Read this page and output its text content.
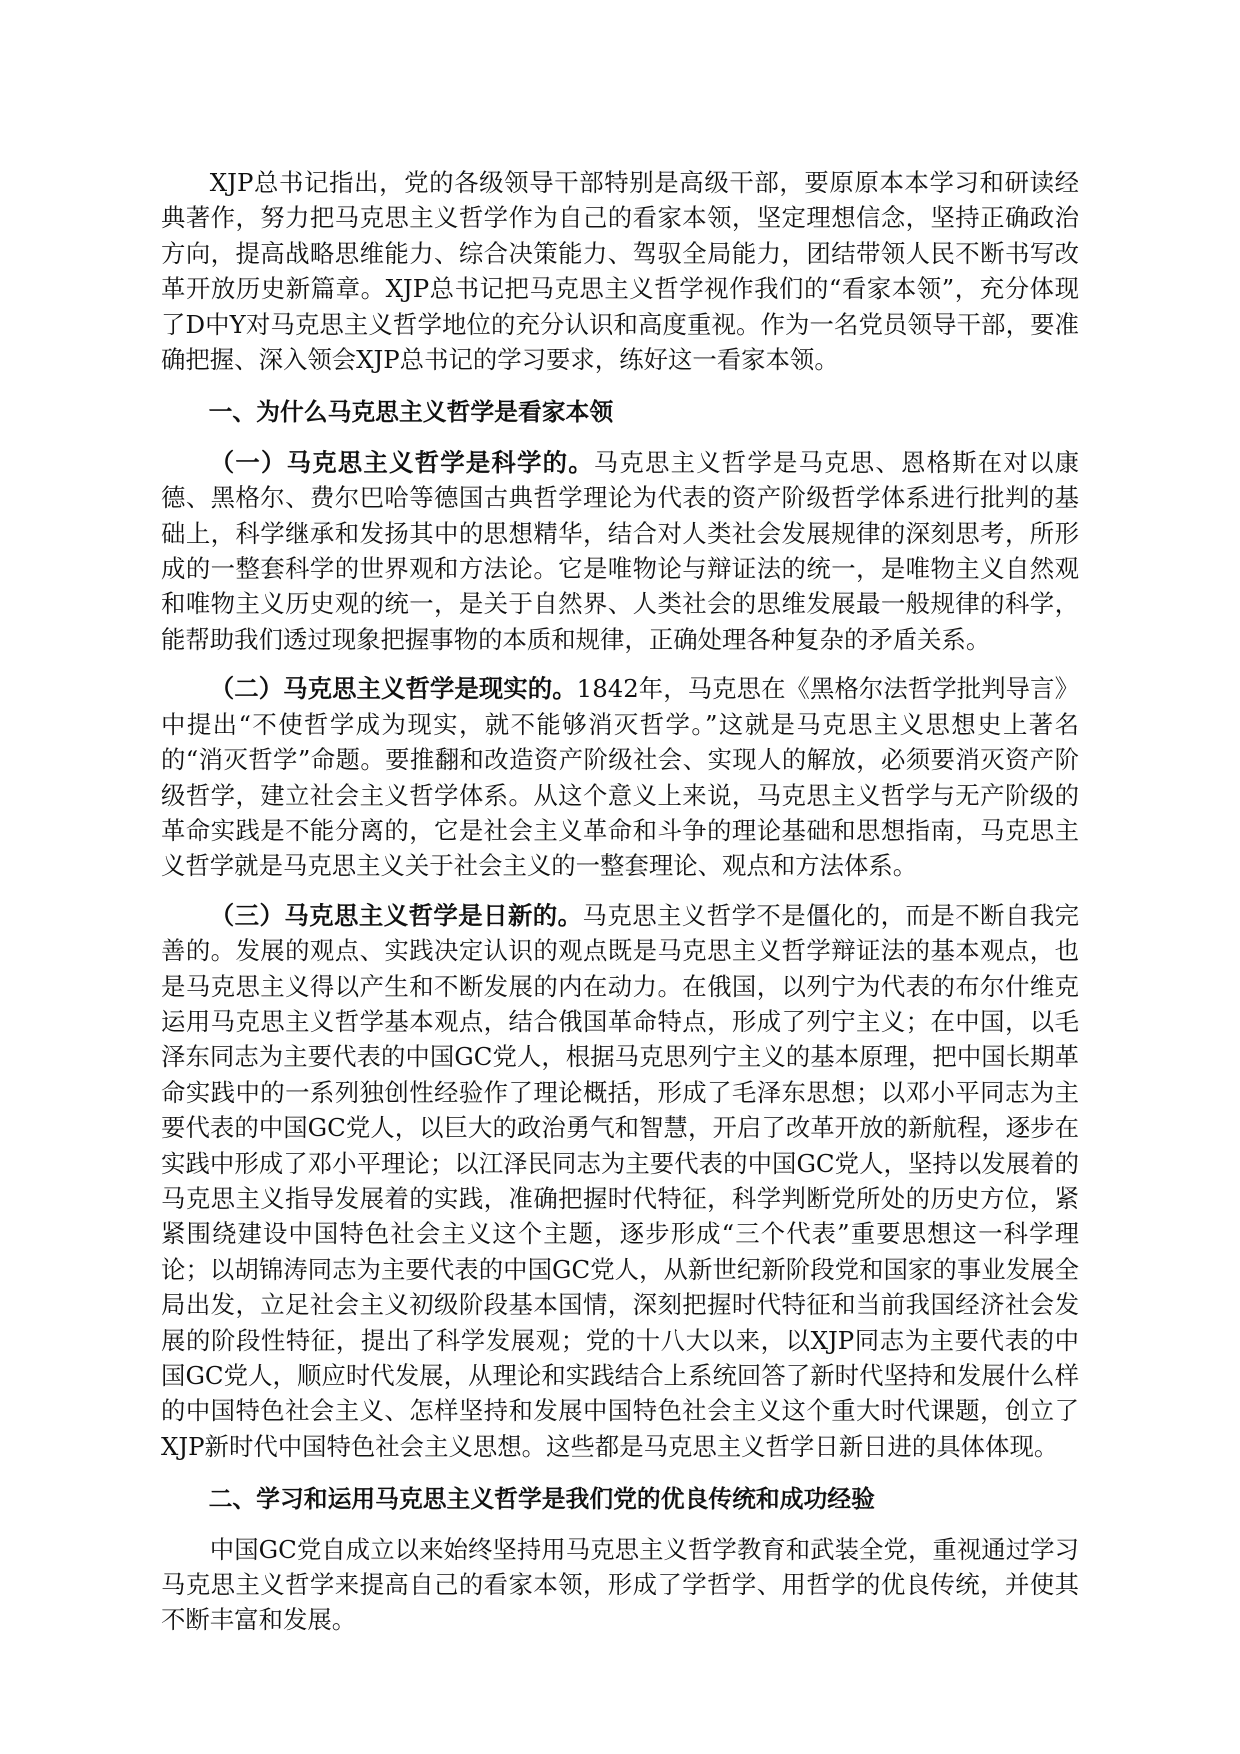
XJP总书记指出，党的各级领导干部特别是高级干部，要原原本本学习和研读经典著作，努力把马克思主义哲学作为自己的看家本领，坚定理想信念，坚持正确政治方向，提高战略思维能力、综合决策能力、驾驭全局能力，团结带领人民不断书写改革开放历史新篇章。XJP总书记把马克思主义哲学视作我们的“看家本领”，充分体现了D中Y对马克思主义哲学地位的充分认识和高度重视。作为一名党员领导干部，要准确把握、深入领会XJP总书记的学习要求，练好这一看家本领。

一、为什么马克思主义哲学是看家本领

（一）马克思主义哲学是科学的。马克思主义哲学是马克思、恩格斯在对以康德、黑格尔、费尔巴哈等德国古典哲学理论为代表的资产阶级哲学体系进行批判的基础上，科学继承和发扬其中的思想精华，结合对人类社会发展规律的深刻思考，所形成的一整套科学的世界观和方法论。它是唯物论与辩证法的统一，是唯物主义自然观和唯物主义历史观的统一，是关于自然界、人类社会的思维发展最一般规律的科学，能帮助我们透过现象把握事物的本质和规律，正确处理各种复杂的矛盾关系。

（二）马克思主义哲学是现实的。1842年，马克思在《黑格尔法哲学批判导言》中提出“不使哲学成为现实，就不能够消灭哲学。”这就是马克思主义思想史上著名的“消灭哲学”命题。要推翻和改造资产阶级社会、实现人的解放，必须要消灭资产阶级哲学，建立社会主义哲学体系。从这个意义上来说，马克思主义哲学与无产阶级的革命实践是不能分离的，它是社会主义革命和斗争的理论基础和思想指南，马克思主义哲学就是马克思主义关于社会主义的一整套理论、观点和方法体系。

（三）马克思主义哲学是日新的。马克思主义哲学不是僵化的，而是不断自我完善的。发展的观点、实践决定认识的观点既是马克思主义哲学辩证法的基本观点，也是马克思主义得以产生和不断发展的内在动力。在俄国，以列宁为代表的布尔什维克运用马克思主义哲学基本观点，结合俄国革命特点，形成了列宁主义；在中国，以毛泽东同志为主要代表的中国GC党人，根据马克思列宁主义的基本原理，把中国长期革命实践中的一系列独创性经验作了理论概括，形成了毛泽东思想；以邓小平同志为主要代表的中国GC党人，以巨大的政治勇气和智慧，开启了改革开放的新航程，逐步在实践中形成了邓小平理论；以江泽民同志为主要代表的中国GC党人，坚持以发展着的马克思主义指导发展着的实践，准确把握时代特征，科学判断党所处的历史方位，紧紧围绕建设中国特色社会主义这个主题，逐步形成“三个代表”重要思想这一科学理论；以胡锦涛同志为主要代表的中国GC党人，从新世纪新阶段党和国家的事业发展全局出发，立足社会主义初级阶段基本国情，深刻把握时代特征和当前我国经济社会发展的阶段性特征，提出了科学发展观；党的十八大以来，以XJP同志为主要代表的中国GC党人，顺应时代发展，从理论和实践结合上系统回答了新时代坚持和发展什么样的中国特色社会主义、怎样坚持和发展中国特色社会主义这个重大时代课题，创立了XJP新时代中国特色社会主义思想。这些都是马克思主义哲学日新日进的具体体现。

二、学习和运用马克思主义哲学是我们党的优良传统和成功经验

中国GC党自成立以来始终坚持用马克思主义哲学教育和武装全党，重视通过学习马克思主义哲学来提高自己的看家本领，形成了学哲学、用哲学的优良传统，并使其不断丰富和发展。
